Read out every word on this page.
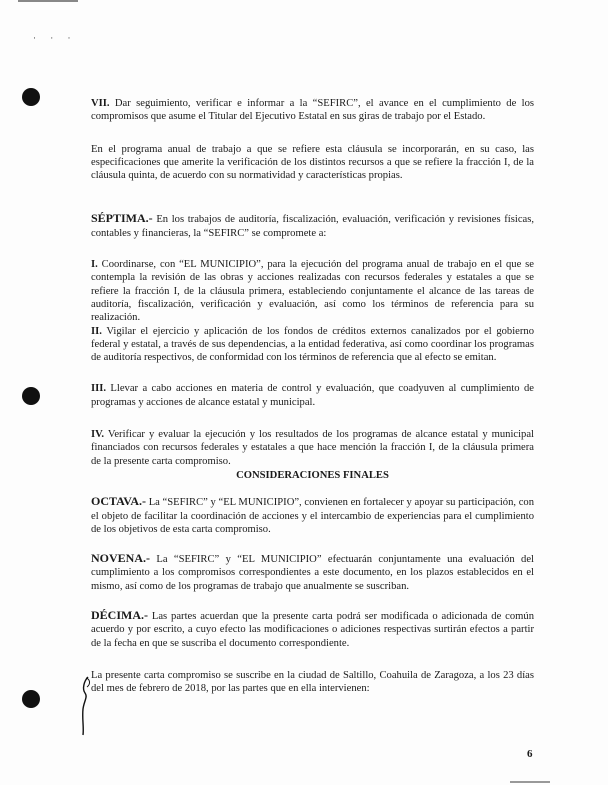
· · ·

VII. Dar seguimiento, verificar e informar a la “SEFIRC”, el avance en el cumplimiento de los compromisos que asume el Titular del Ejecutivo Estatal en sus giras de trabajo por el Estado.

En el programa anual de trabajo a que se refiere esta cláusula se incorporarán, en su caso, las especificaciones que amerite la verificación de los distintos recursos a que se refiere la fracción I, de la cláusula quinta, de acuerdo con su normatividad y características propias.

SÉPTIMA.- En los trabajos de auditoría, fiscalización, evaluación, verificación y revisiones físicas, contables y financieras, la “SEFIRC” se compromete a:

I. Coordinarse, con “EL MUNICIPIO”, para la ejecución del programa anual de trabajo en el que se contempla la revisión de las obras y acciones realizadas con recursos federales y estatales a que se refiere la fracción I, de la cláusula primera, estableciendo conjuntamente el alcance de las tareas de auditoría, fiscalización, verificación y evaluación, así como los términos de referencia para su realización.

II. Vigilar el ejercicio y aplicación de los fondos de créditos externos canalizados por el gobierno federal y estatal, a través de sus dependencias, a la entidad federativa, así como coordinar los programas de auditoría respectivos, de conformidad con los términos de referencia que al efecto se emitan.

III. Llevar a cabo acciones en materia de control y evaluación, que coadyuven al cumplimiento de programas y acciones de alcance estatal y municipal.

IV. Verificar y evaluar la ejecución y los resultados de los programas de alcance estatal y municipal financiados con recursos federales y estatales a que hace mención la fracción I, de la cláusula primera de la presente carta compromiso.

CONSIDERACIONES FINALES

OCTAVA.- La “SEFIRC” y “EL MUNICIPIO”, convienen en fortalecer y apoyar su participación, con el objeto de facilitar la coordinación de acciones y el intercambio de experiencias para el cumplimiento de los objetivos de esta carta compromiso.

NOVENA.- La “SEFIRC” y “EL MUNICIPIO” efectuarán conjuntamente una evaluación del cumplimiento a los compromisos correspondientes a este documento, en los plazos establecidos en el mismo, así como de los programas de trabajo que anualmente se suscriban.

DÉCIMA.- Las partes acuerdan que la presente carta podrá ser modificada o adicionada de común acuerdo y por escrito, a cuyo efecto las modificaciones o adiciones respectivas surtirán efectos a partir de la fecha en que se suscriba el documento correspondiente.

La presente carta compromiso se suscribe en la ciudad de Saltillo, Coahuila de Zaragoza, a los 23 días del mes de febrero de 2018, por las partes que en ella intervienen:

6
